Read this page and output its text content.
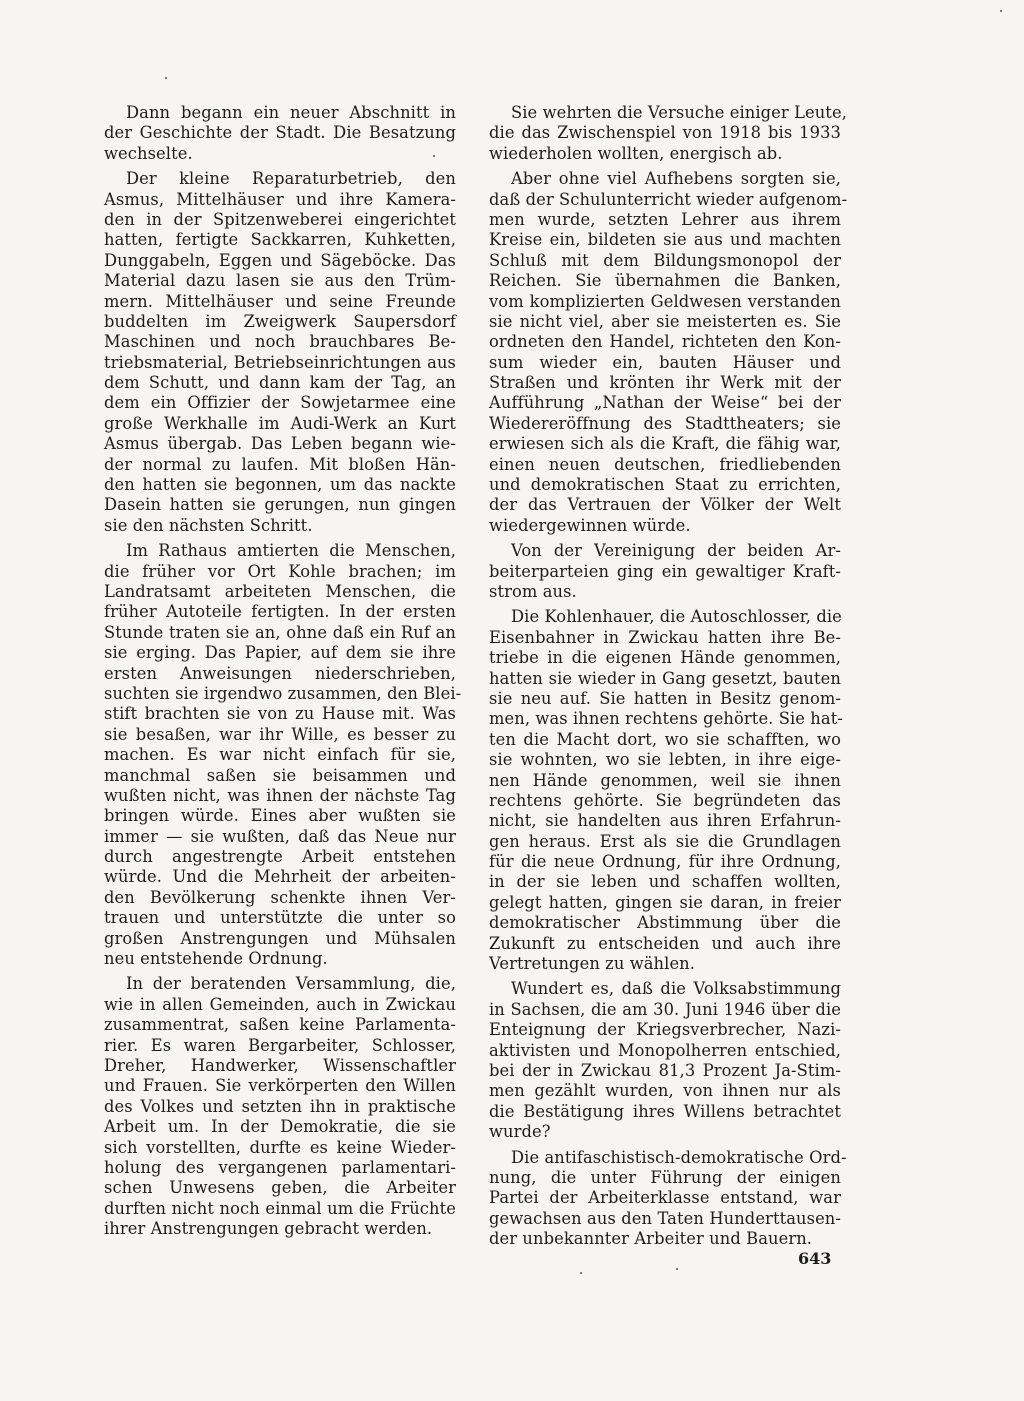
Dann begann ein neuer Abschnitt in
der Geschichte der Stadt. Die Besatzung
wechselte.
Der kleine Reparaturbetrieb, den
Asmus, Mittelhäuser und ihre Kamera-
den in der Spitzenweberei eingerichtet
hatten, fertigte Sackkarren, Kuhketten,
Dunggabeln, Eggen und Sägeböcke. Das
Material dazu lasen sie aus den Trüm-
mern. Mittelhäuser und seine Freunde
buddelten im Zweigwerk Saupersdorf
Maschinen und noch brauchbares Be-
triebsmaterial, Betriebseinrichtungen aus
dem Schutt, und dann kam der Tag, an
dem ein Offizier der Sowjetarmee eine
große Werkhalle im Audi-Werk an Kurt
Asmus übergab. Das Leben begann wie-
der normal zu laufen. Mit bloßen Hän-
den hatten sie begonnen, um das nackte
Dasein hatten sie gerungen, nun gingen
sie den nächsten Schritt.
Im Rathaus amtierten die Menschen,
die früher vor Ort Kohle brachen; im
Landratsamt arbeiteten Menschen, die
früher Autoteile fertigten. In der ersten
Stunde traten sie an, ohne daß ein Ruf an
sie erging. Das Papier, auf dem sie ihre
ersten Anweisungen niederschrieben,
suchten sie irgendwo zusammen, den Blei-
stift brachten sie von zu Hause mit. Was
sie besaßen, war ihr Wille, es besser zu
machen. Es war nicht einfach für sie,
manchmal saßen sie beisammen und
wußten nicht, was ihnen der nächste Tag
bringen würde. Eines aber wußten sie
immer — sie wußten, daß das Neue nur
durch angestrengte Arbeit entstehen
würde. Und die Mehrheit der arbeiten-
den Bevölkerung schenkte ihnen Ver-
trauen und unterstützte die unter so
großen Anstrengungen und Mühsalen
neu entstehende Ordnung.
In der beratenden Versammlung, die,
wie in allen Gemeinden, auch in Zwickau
zusammentrat, saßen keine Parlamenta-
rier. Es waren Bergarbeiter, Schlosser,
Dreher, Handwerker, Wissenschaftler
und Frauen. Sie verkörperten den Willen
des Volkes und setzten ihn in praktische
Arbeit um. In der Demokratie, die sie
sich vorstellten, durfte es keine Wieder-
holung des vergangenen parlamentari-
schen Unwesens geben, die Arbeiter
durften nicht noch einmal um die Früchte
ihrer Anstrengungen gebracht werden.
Sie wehrten die Versuche einiger Leute,
die das Zwischenspiel von 1918 bis 1933
wiederholen wollten, energisch ab.
Aber ohne viel Aufhebens sorgten sie,
daß der Schulunterricht wieder aufgenom-
men wurde, setzten Lehrer aus ihrem
Kreise ein, bildeten sie aus und machten
Schluß mit dem Bildungsmonopol der
Reichen. Sie übernahmen die Banken,
vom komplizierten Geldwesen verstanden
sie nicht viel, aber sie meisterten es. Sie
ordneten den Handel, richteten den Kon-
sum wieder ein, bauten Häuser und
Straßen und krönten ihr Werk mit der
Aufführung „Nathan der Weise“ bei der
Wiedereröffnung des Stadttheaters; sie
erwiesen sich als die Kraft, die fähig war,
einen neuen deutschen, friedliebenden
und demokratischen Staat zu errichten,
der das Vertrauen der Völker der Welt
wiedergewinnen würde.
Von der Vereinigung der beiden Ar-
beiterparteien ging ein gewaltiger Kraft-
strom aus.
Die Kohlenhauer, die Autoschlosser, die
Eisenbahner in Zwickau hatten ihre Be-
triebe in die eigenen Hände genommen,
hatten sie wieder in Gang gesetzt, bauten
sie neu auf. Sie hatten in Besitz genom-
men, was ihnen rechtens gehörte. Sie hat-
ten die Macht dort, wo sie schafften, wo
sie wohnten, wo sie lebten, in ihre eige-
nen Hände genommen, weil sie ihnen
rechtens gehörte. Sie begründeten das
nicht, sie handelten aus ihren Erfahrun-
gen heraus. Erst als sie die Grundlagen
für die neue Ordnung, für ihre Ordnung,
in der sie leben und schaffen wollten,
gelegt hatten, gingen sie daran, in freier
demokratischer Abstimmung über die
Zukunft zu entscheiden und auch ihre
Vertretungen zu wählen.
Wundert es, daß die Volksabstimmung
in Sachsen, die am 30. Juni 1946 über die
Enteignung der Kriegsverbrecher, Nazi-
aktivisten und Monopolherren entschied,
bei der in Zwickau 81,3 Prozent Ja-Stim-
men gezählt wurden, von ihnen nur als
die Bestätigung ihres Willens betrachtet
wurde?
Die antifaschistisch-demokratische Ord-
nung, die unter Führung der einigen
Partei der Arbeiterklasse entstand, war
gewachsen aus den Taten Hunderttausen-
der unbekannter Arbeiter und Bauern.
643
